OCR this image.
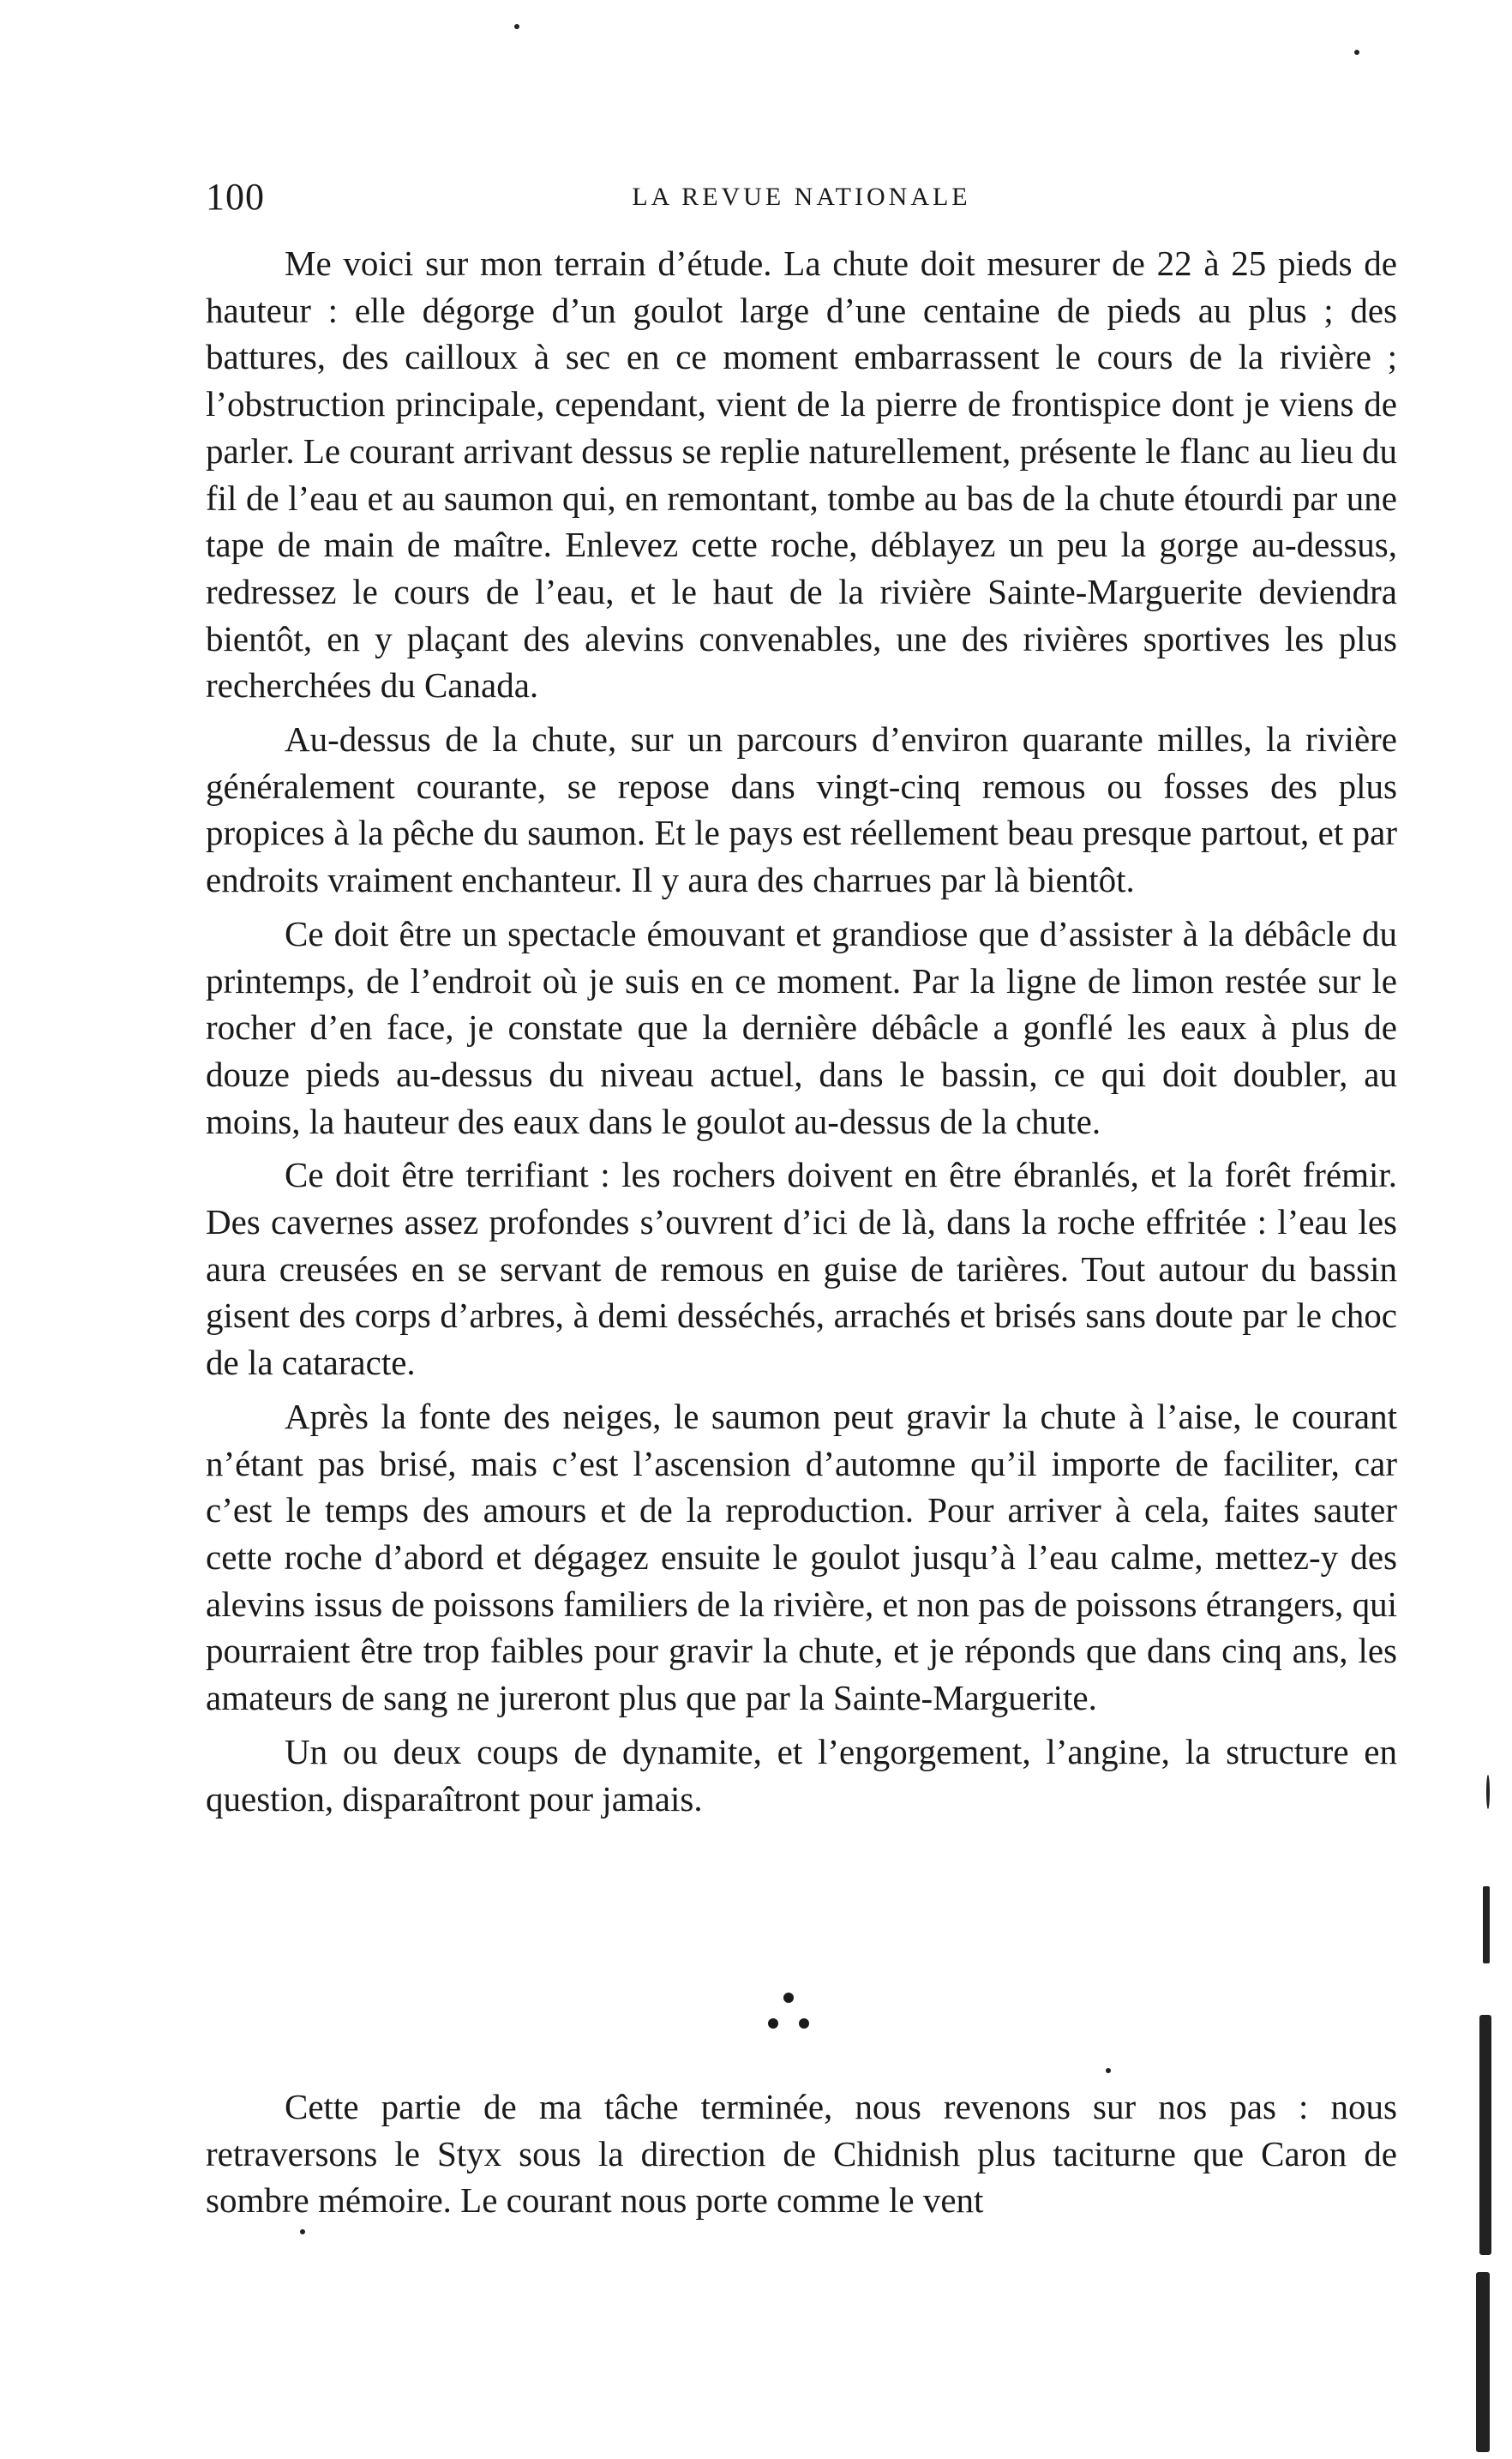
100	LA REVUE NATIONALE

Me voici sur mon terrain d’étude. La chute doit mesurer de 22 à 25 pieds de hauteur : elle dégorge d’un goulot large d’une centaine de pieds au plus ; des battures, des cailloux à sec en ce moment embarrassent le cours de la rivière ; l’obstruction principale, cependant, vient de la pierre de frontispice dont je viens de parler. Le courant arrivant dessus se replie naturellement, présente le flanc au lieu du fil de l’eau et au saumon qui, en remontant, tombe au bas de la chute étourdi par une tape de main de maître. Enlevez cette roche, déblayez un peu la gorge au-dessus, redressez le cours de l’eau, et le haut de la rivière Sainte-Marguerite deviendra bientôt, en y plaçant des alevins convenables, une des rivières sportives les plus recherchées du Canada.

Au-dessus de la chute, sur un parcours d’environ quarante milles, la rivière généralement courante, se repose dans vingt-cinq remous ou fosses des plus propices à la pêche du saumon. Et le pays est réellement beau presque partout, et par endroits vraiment enchanteur. Il y aura des charrues par là bientôt.

Ce doit être un spectacle émouvant et grandiose que d’assister à la débâcle du printemps, de l’endroit où je suis en ce moment. Par la ligne de limon restée sur le rocher d’en face, je constate que la dernière débâcle a gonflé les eaux à plus de douze pieds au-dessus du niveau actuel, dans le bassin, ce qui doit doubler, au moins, la hauteur des eaux dans le goulot au-dessus de la chute.

Ce doit être terrifiant : les rochers doivent en être ébranlés, et la forêt frémir. Des cavernes assez profondes s’ouvrent d’ici de là, dans la roche effritée : l’eau les aura creusées en se servant de remous en guise de tarières. Tout autour du bassin gisent des corps d’arbres, à demi desséchés, arrachés et brisés sans doute par le choc de la cataracte.

Après la fonte des neiges, le saumon peut gravir la chute à l’aise, le courant n’étant pas brisé, mais c’est l’ascension d’automne qu’il importe de faciliter, car c’est le temps des amours et de la reproduction. Pour arriver à cela, faites sauter cette roche d’abord et dégagez ensuite le goulot jusqu’à l’eau calme, mettez-y des alevins issus de poissons familiers de la rivière, et non pas de poissons étrangers, qui pourraient être trop faibles pour gravir la chute, et je réponds que dans cinq ans, les amateurs de sang ne jureront plus que par la Sainte-Marguerite.

Un ou deux coups de dynamite, et l’engorgement, l’angine, la structure en question, disparaîtront pour jamais.

Cette partie de ma tâche terminée, nous revenons sur nos pas : nous retraversons le Styx sous la direction de Chidnish plus taciturne que Caron de sombre mémoire. Le courant nous porte comme le vent
